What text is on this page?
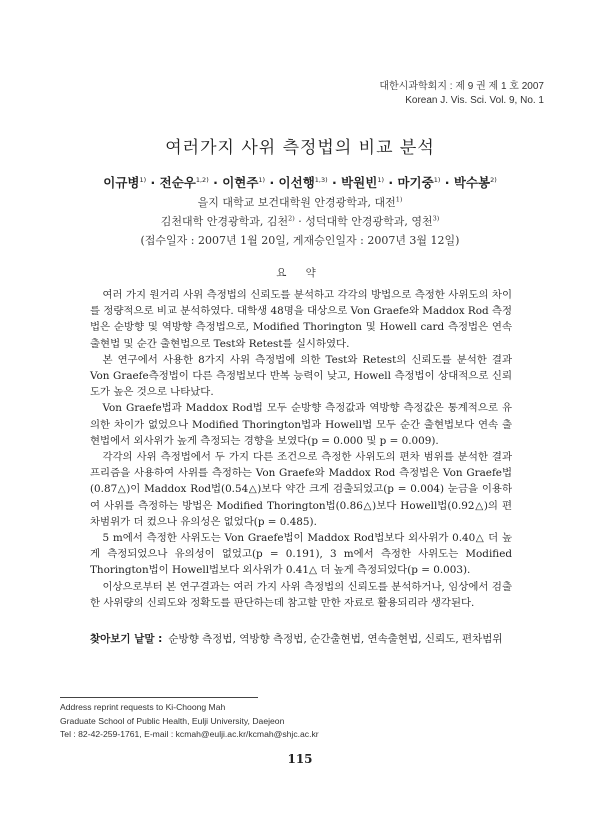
대한시과학회지 : 제 9 권 제 1 호 2007
Korean J. Vis. Sci. Vol. 9, No. 1
여러가지 사위 측정법의 비교 분석
이규병$^{1)}$ · 전순우$^{1,2)}$ · 이현주$^{1)}$ · 이선행$^{1,3)}$ · 박원빈$^{1)}$ · 마기중$^{1)}$ · 박수봉$^{2)}$
을지 대학교 보건대학원 안경광학과, 대전$^{1)}$
김천대학 안경광학과, 김천$^{2)}$ · 성덕대학 안경광학과, 영천$^{3)}$
(접수일자 : 2007년 1월 20일, 게재승인일자 : 2007년 3월 12일)
요 약

여러 가지 원거리 사위 측정법의 신뢰도를 분석하고 각각의 방법으로 측정한 사위도의 차이를 정량적으로 비교 분석하였다. 대학생 48명을 대상으로 Von Graefe와 Maddox Rod 측정법은 순방향 및 역방향 측정법으로, Modified Thorington 및 Howell card 측정법은 연속 출현법 및 순간 출현법으로 Test와 Retest를 실시하였다.

본 연구에서 사용한 8가지 사위 측정법에 의한 Test와 Retest의 신뢰도를 분석한 결과 Von Graefe측정법이 다른 측정법보다 반복 능력이 낮고, Howell 측정법이 상대적으로 신뢰도가 높은 것으로 나타났다.

Von Graefe법과 Maddox Rod법 모두 순방향 측정값과 역방향 측정값은 통계적으로 유의한 차이가 없었으나 Modified Thorington법과 Howell법 모두 순간 출현법보다 연속 출현법에서 외사위가 높게 측정되는 경향을 보였다(p = 0.000 및 p = 0.009).

각각의 사위 측정법에서 두 가지 다른 조건으로 측정한 사위도의 편차 범위를 분석한 결과 프리즘을 사용하여 사위를 측정하는 Von Graefe와 Maddox Rod 측정법은 Von Graefe법(0.87△)이 Maddox Rod법(0.54△)보다 약간 크게 검출되었고(p = 0.004) 눈금을 이용하여 사위를 측정하는 방법은 Modified Thorington법(0.86△)보다 Howell법(0.92△)의 편차범위가 더 컸으나 유의성은 없었다(p = 0.485).

5 m에서 측정한 사위도는 Von Graefe법이 Maddox Rod법보다 외사위가 0.40△ 더 높게 측정되었으나 유의성이 없었고(p = 0.191), 3 m에서 측정한 사위도는 Modified Thorington법이 Howell법보다 외사위가 0.41△ 더 높게 측정되었다(p = 0.003).

이상으로부터 본 연구결과는 여러 가지 사위 측정법의 신뢰도를 분석하거나, 임상에서 검출한 사위량의 신뢰도와 정확도를 판단하는데 참고할 만한 자료로 활용되리라 생각된다.

찾아보기 낱말 : 순방향 측정법, 역방향 측정법, 순간출현법, 연속출현법, 신뢰도, 편차범위
Address reprint requests to Ki-Choong Mah
Graduate School of Public Health, Eulji University, Daejeon
Tel : 82-42-259-1761, E-mail : kcmah@eulji.ac.kr/kcmah@shjc.ac.kr
115
